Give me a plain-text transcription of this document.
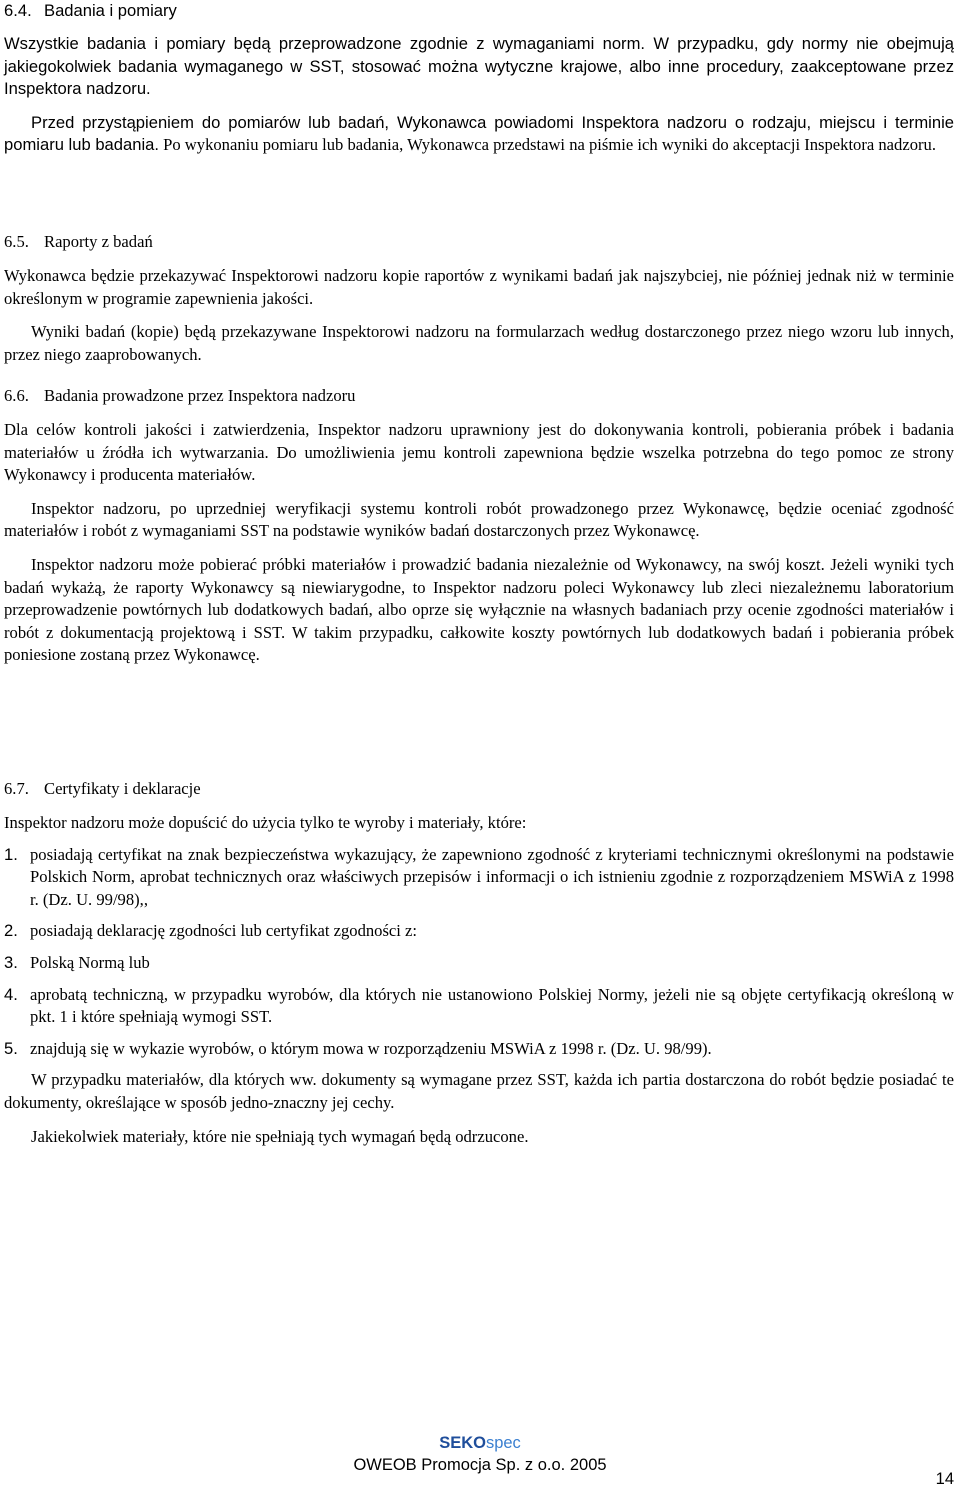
6.4. Badania i pomiary

Wszystkie badania i pomiary będą przeprowadzone zgodnie z wymaganiami norm. W przypadku, gdy normy nie obejmują jakiegokolwiek badania wymaganego w SST, stosować można wytyczne krajowe, albo inne procedury, zaakceptowane przez Inspektora nadzoru.

Przed przystąpieniem do pomiarów lub badań, Wykonawca powiadomi Inspektora nadzoru o rodzaju, miejscu i terminie pomiaru lub badania. Po wykonaniu pomiaru lub badania, Wykonawca przedstawi na piśmie ich wyniki do akceptacji Inspektora nadzoru.

6.5. Raporty z badań

Wykonawca będzie przekazywać Inspektorowi nadzoru kopie raportów z wynikami badań jak najszybciej, nie później jednak niż w terminie określonym w programie zapewnienia jakości.

Wyniki badań (kopie) będą przekazywane Inspektorowi nadzoru na formularzach według dostarczonego przez niego wzoru lub innych, przez niego zaaprobowanych.

6.6. Badania prowadzone przez Inspektora nadzoru

Dla celów kontroli jakości i zatwierdzenia, Inspektor nadzoru uprawniony jest do dokonywania kontroli, pobierania próbek i badania materiałów u źródła ich wytwarzania. Do umożliwienia jemu kontroli zapewniona będzie wszelka potrzebna do tego pomoc ze strony Wykonawcy i producenta materiałów.

Inspektor nadzoru, po uprzedniej weryfikacji systemu kontroli robót prowadzonego przez Wykonawcę, będzie oceniać zgodność materiałów i robót z wymaganiami SST na podstawie wyników badań dostarczonych przez Wykonawcę.

Inspektor nadzoru może pobierać próbki materiałów i prowadzić badania niezależnie od Wykonawcy, na swój koszt. Jeżeli wyniki tych badań wykażą, że raporty Wykonawcy są niewiarygodne, to Inspektor nadzoru poleci Wykonawcy lub zleci niezależnemu laboratorium przeprowadzenie powtórnych lub dodatkowych badań, albo oprze się wyłącznie na własnych badaniach przy ocenie zgodności materiałów i robót z dokumentacją projektową i SST. W takim przypadku, całkowite koszty powtórnych lub dodatkowych badań i pobierania próbek poniesione zostaną przez Wykonawcę.

6.7. Certyfikaty i deklaracje

Inspektor nadzoru może dopuścić do użycia tylko te wyroby i materiały, które:

1. posiadają certyfikat na znak bezpieczeństwa wykazujący, że zapewniono zgodność z kryteriami technicznymi określonymi na podstawie Polskich Norm, aprobat technicznych oraz właściwych przepisów i informacji o ich istnieniu zgodnie z rozporządzeniem MSWiA z 1998 r. (Dz. U. 99/98),,
2. posiadają deklarację zgodności lub certyfikat zgodności z:
3. Polską Normą lub
4. aprobatą techniczną, w przypadku wyrobów, dla których nie ustanowiono Polskiej Normy, jeżeli nie są objęte certyfikacją określoną w pkt. 1 i które spełniają wymogi SST.
5. znajdują się w wykazie wyrobów, o którym mowa w rozporządzeniu MSWiA z 1998 r. (Dz. U. 98/99).

W przypadku materiałów, dla których ww. dokumenty są wymagane przez SST, każda ich partia dostarczona do robót będzie posiadać te dokumenty, określające w sposób jedno-znaczny jej cechy.

Jakiekolwiek materiały, które nie spełniają tych wymagań będą odrzucone.

SEKOspec
OWEOB Promocja Sp. z o.o. 2005
14
